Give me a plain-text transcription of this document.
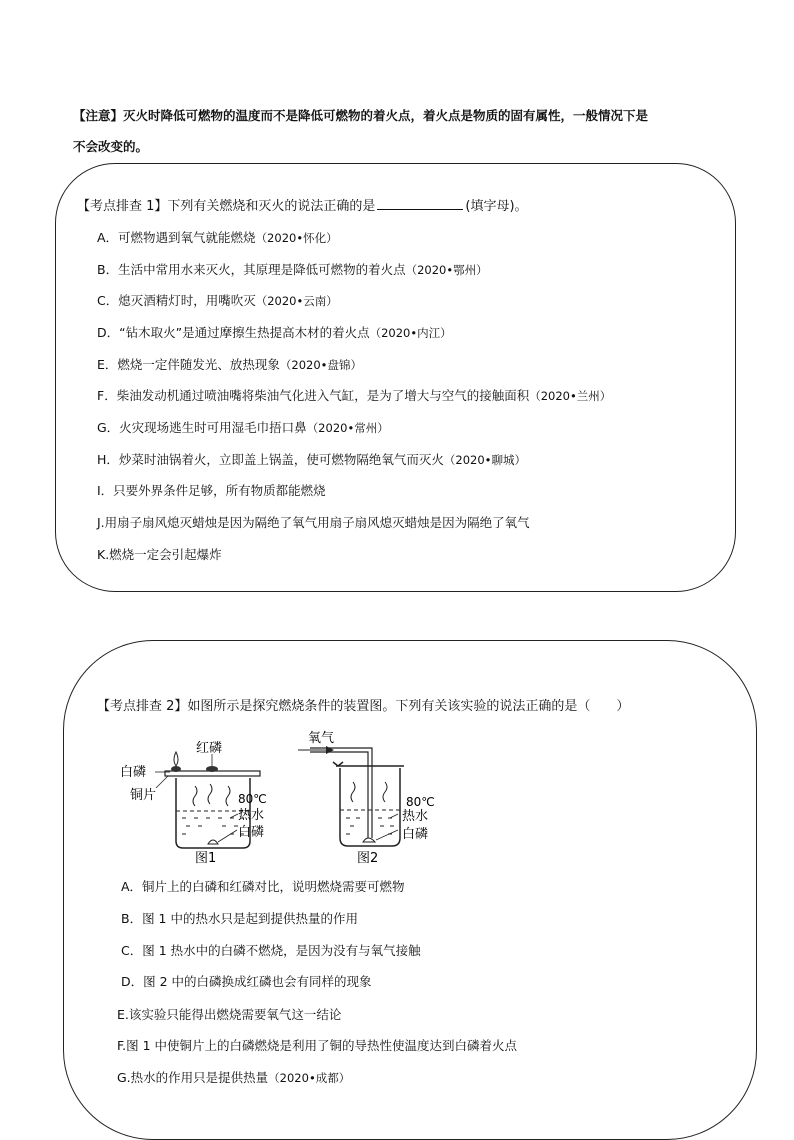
【注意】灭火时降低可燃物的温度而不是降低可燃物的着火点，着火点是物质的固有属性，一般情况下是
不会改变的。
【考点排查 1】下列有关燃烧和灭火的说法正确的是	(填字母)。
A．可燃物遇到氧气就能燃烧（2020•怀化）
B．生活中常用水来灭火，其原理是降低可燃物的着火点（2020•鄂州）
C．熄灭酒精灯时，用嘴吹灭（2020•云南）
D．“钻木取火”是通过摩擦生热提高木材的着火点（2020•内江）
E．燃烧一定伴随发光、放热现象（2020•盘锦）
F．柴油发动机通过喷油嘴将柴油气化进入气缸，是为了增大与空气的接触面积（2020•兰州）
G．火灾现场逃生时可用湿毛巾捂口鼻（2020•常州）
H．炒菜时油锅着火，立即盖上锅盖，使可燃物隔绝氧气而灭火（2020•聊城）
I．只要外界条件足够，所有物质都能燃烧
J.用扇子扇风熄灭蜡烛是因为隔绝了氧气用扇子扇风熄灭蜡烛是因为隔绝了氧气
K.燃烧一定会引起爆炸
【考点排查 2】如图所示是探究燃烧条件的装置图。下列有关该实验的说法正确的是（　　）
红磷
白磷
铜片	80℃
热水
白磷
图1
氧气
80℃
热水
白磷
图2
A．铜片上的白磷和红磷对比，说明燃烧需要可燃物
B．图 1 中的热水只是起到提供热量的作用
C．图 1 热水中的白磷不燃烧，是因为没有与氧气接触
D．图 2 中的白磷换成红磷也会有同样的现象
E.该实验只能得出燃烧需要氧气这一结论
F.图 1 中使铜片上的白磷燃烧是利用了铜的导热性使温度达到白磷着火点
G.热水的作用只是提供热量（2020•成都）
